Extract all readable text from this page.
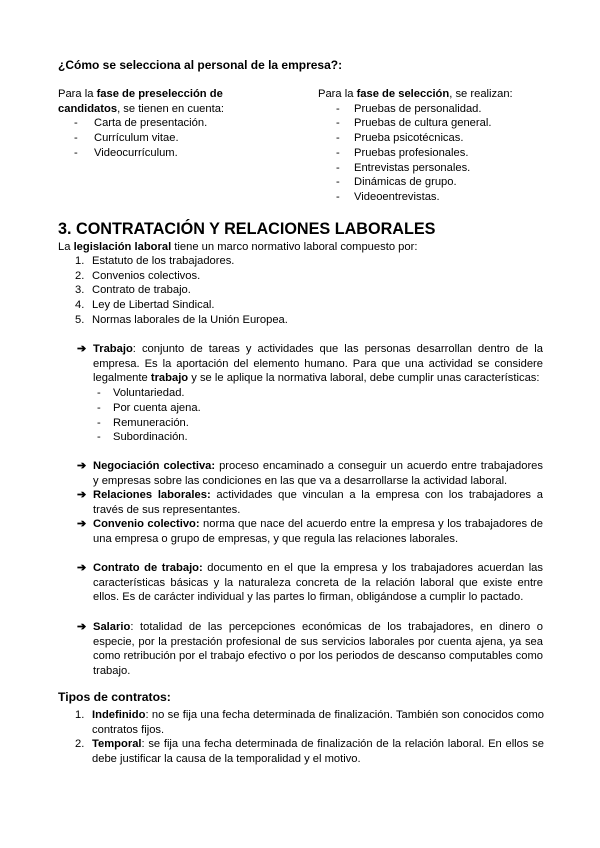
¿Cómo se selecciona al personal de la empresa?:
Para la fase de preselección de candidatos, se tienen en cuenta:
- Carta de presentación.
- Currículum vitae.
- Videocurrículum.
Para la fase de selección, se realizan:
- Pruebas de personalidad.
- Pruebas de cultura general.
- Prueba psicotécnicas.
- Pruebas profesionales.
- Entrevistas personales.
- Dinámicas de grupo.
- Videoentrevistas.
3. CONTRATACIÓN Y RELACIONES LABORALES
La legislación laboral tiene un marco normativo laboral compuesto por:
1. Estatuto de los trabajadores.
2. Convenios colectivos.
3. Contrato de trabajo.
4. Ley de Libertad Sindical.
5. Normas laborales de la Unión Europea.
➔ Trabajo: conjunto de tareas y actividades que las personas desarrollan dentro de la empresa. Es la aportación del elemento humano. Para que una actividad se considere legalmente trabajo y se le aplique la normativa laboral, debe cumplir unas características:
- Voluntariedad.
- Por cuenta ajena.
- Remuneración.
- Subordinación.
➔ Negociación colectiva: proceso encaminado a conseguir un acuerdo entre trabajadores y empresas sobre las condiciones en las que va a desarrollarse la actividad laboral.
➔ Relaciones laborales: actividades que vinculan a la empresa con los trabajadores a través de sus representantes.
➔ Convenio colectivo: norma que nace del acuerdo entre la empresa y los trabajadores de una empresa o grupo de empresas, y que regula las relaciones laborales.
➔ Contrato de trabajo: documento en el que la empresa y los trabajadores acuerdan las características básicas y la naturaleza concreta de la relación laboral que existe entre ellos. Es de carácter individual y las partes lo firman, obligándose a cumplir lo pactado.
➔ Salario: totalidad de las percepciones económicas de los trabajadores, en dinero o especie, por la prestación profesional de sus servicios laborales por cuenta ajena, ya sea como retribución por el trabajo efectivo o por los periodos de descanso computables como trabajo.
Tipos de contratos:
1. Indefinido: no se fija una fecha determinada de finalización. También son conocidos como contratos fijos.
2. Temporal: se fija una fecha determinada de finalización de la relación laboral. En ellos se debe justificar la causa de la temporalidad y el motivo.
